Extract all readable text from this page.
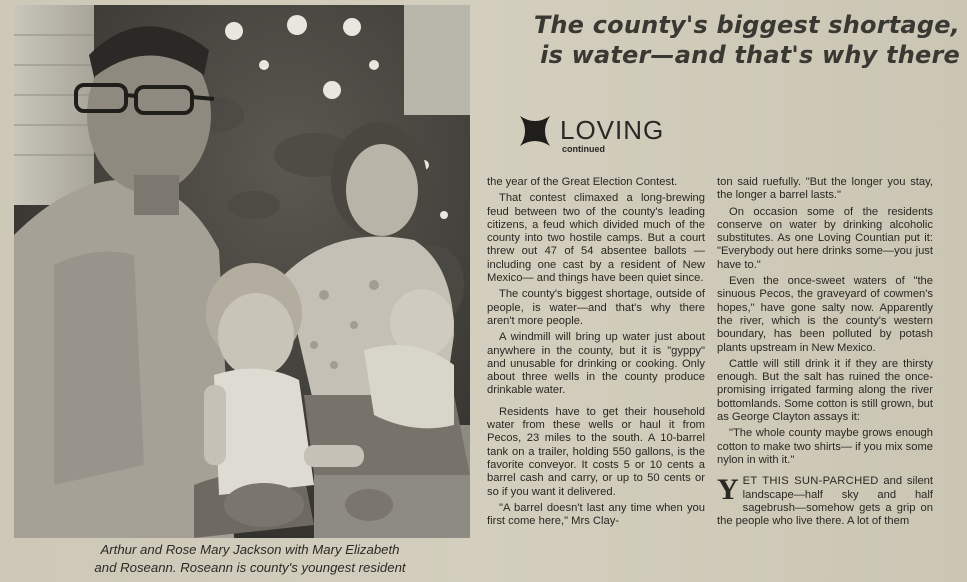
Arthur and Rose Mary Jackson with Mary Elizabeth
and Roseann. Roseann is county's youngest resident
The county's biggest shortage,
is water—and that's why there
LOVING
continued

the year of the Great Election Contest.

That contest climaxed a long-brewing feud between two of the county's leading citizens, a feud which divided much of the county into two hostile camps. But a court threw out 47 of 54 absentee ballots — including one cast by a resident of New Mexico— and things have been quiet since.

The county's biggest shortage, outside of people, is water—and that's why there aren't more people.

A windmill will bring up water just about anywhere in the county, but it is "gyppy" and unusable for drinking or cooking. Only about three wells in the county produce drinkable water.

Residents have to get their household water from these wells or haul it from Pecos, 23 miles to the south. A 10-barrel tank on a trailer, holding 550 gallons, is the favorite conveyor. It costs 5 or 10 cents a barrel cash and carry, or up to 50 cents or so if you want it delivered.

"A barrel doesn't last any time when you first come here," Mrs Clay-

ton said ruefully. "But the longer you stay, the longer a barrel lasts."

On occasion some of the residents conserve on water by drinking alcoholic substitutes. As one Loving Countian put it: "Everybody out here drinks some—you just have to."

Even the once-sweet waters of "the sinuous Pecos, the graveyard of cowmen's hopes," have gone salty now. Apparently the river, which is the county's western boundary, has been polluted by potash plants upstream in New Mexico.

Cattle will still drink it if they are thirsty enough. But the salt has ruined the once-promising irrigated farming along the river bottomlands. Some cotton is still grown, but as George Clayton assays it:

"The whole county maybe grows enough cotton to make two shirts— if you mix some nylon in with it."

YET THIS SUN-PARCHED and silent landscape—half sky and half sagebrush—somehow gets a grip on the people who live there. A lot of them
